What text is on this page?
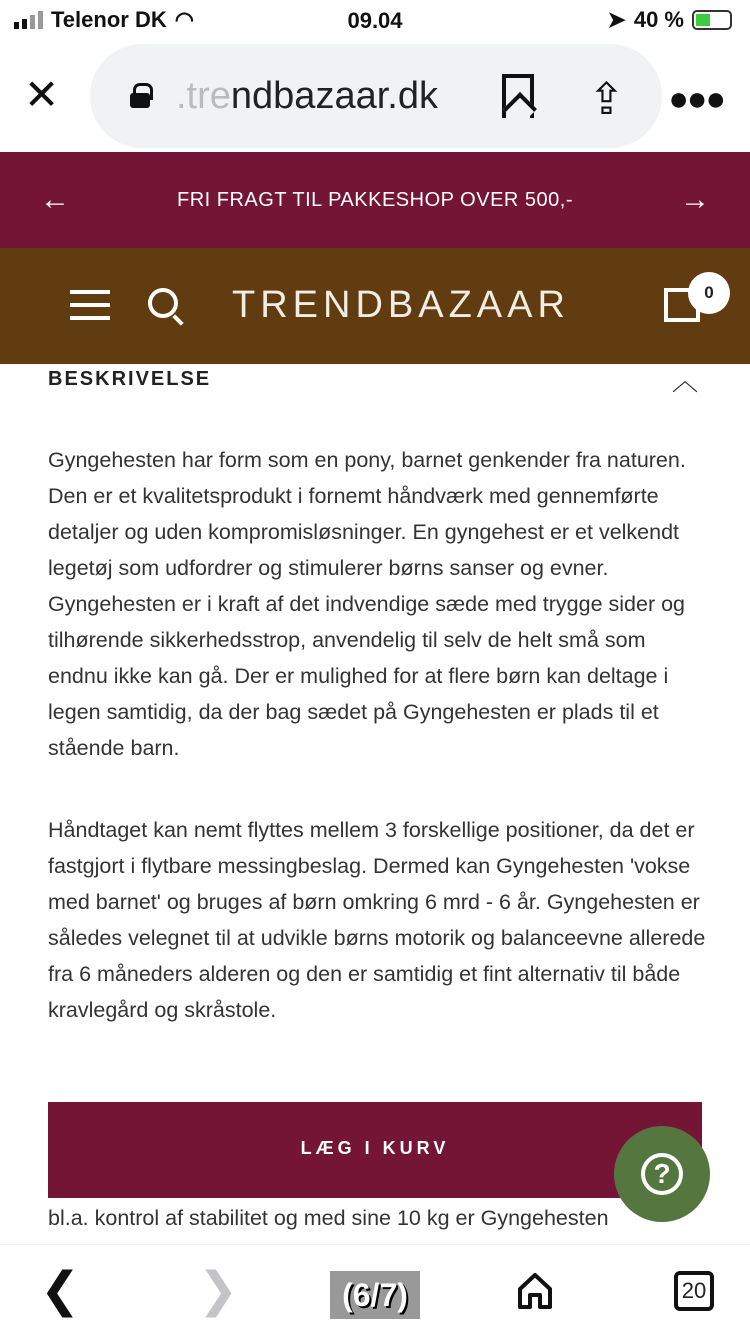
Telenor DK ◠	09.04	➤ 40 %
✕	.trendbazaar.dk	⇪ ●●●
←	FRI FRAGT TIL PAKKESHOP OVER 500,-	→
TRENDBAZAAR	0
BESKRIVELSE	︿

Gyngehesten har form som en pony, barnet genkender fra naturen. Den er et kvalitetsprodukt i fornemt håndværk med gennemførte detaljer og uden kompromisløsninger. En gyngehest er et velkendt legetøj som udfordrer og stimulerer børns sanser og evner. Gyngehesten er i kraft af det indvendige sæde med trygge sider og tilhørende sikkerhedsstrop, anvendelig til selv de helt små som endnu ikke kan gå. Der er mulighed for at flere børn kan deltage i legen samtidig, da der bag sædet på Gyngehesten er plads til et stående barn.

Håndtaget kan nemt flyttes mellem 3 forskellige positioner, da det er fastgjort i flytbare messingbeslag. Dermed kan Gyngehesten 'vokse med barnet' og bruges af børn omkring 6 mrd - 6 år. Gyngehesten er således velegnet til at udvikle børns motorik og balanceevne allerede fra 6 måneders alderen og den er samtidig et fint alternativ til både kravlegård og skråstole.

bl.a. kontrol af stabilitet og med sine 10 kg er Gyngehesten
LÆG I KURV
?
❮ ❯	(6/7)	20
